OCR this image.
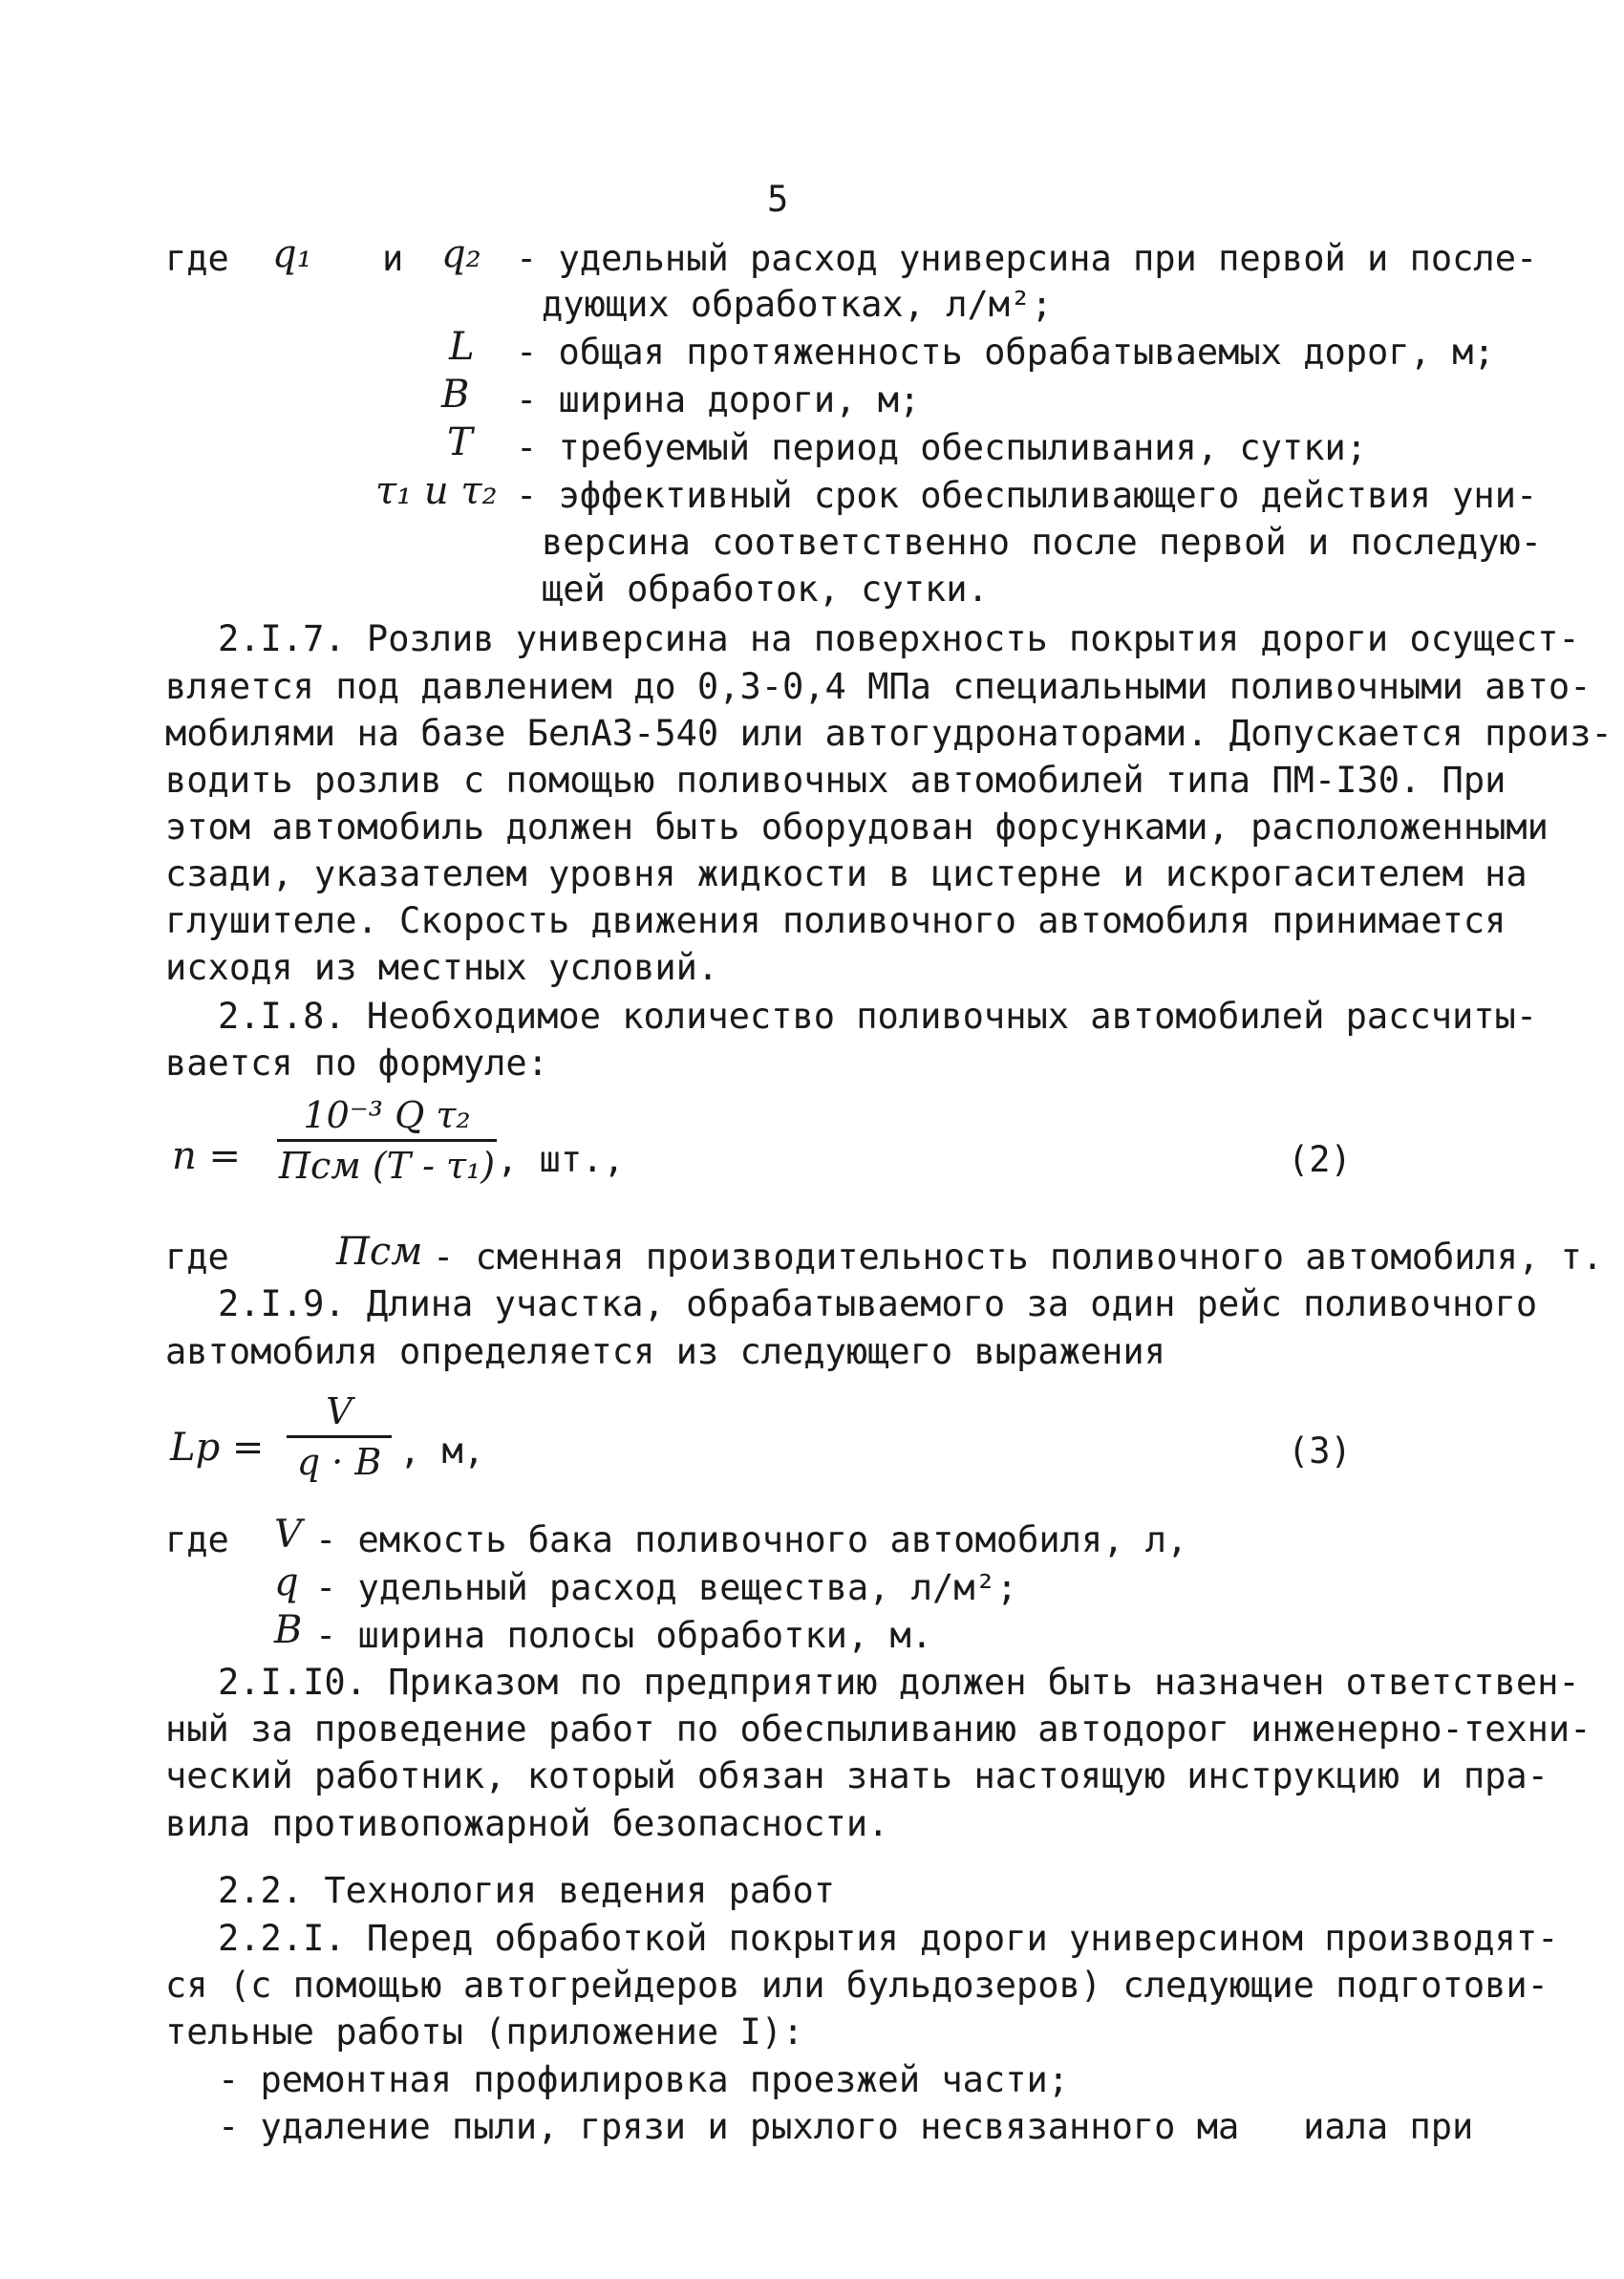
5
где q₁ и q₂ - удельный расход универсина при первой и после-
дующих обработках, л/м²;
L - общая протяженность обрабатываемых дорог, м;
B - ширина дороги, м;
T - требуемый период обеспыливания, сутки;
τ₁ и τ₂ - эффективный срок обеспыливающего действия уни-
версина соответственно после первой и последую-
щей обработок, сутки.
2.I.7. Розлив универсина на поверхность покрытия дороги осущест-
вляется под давлением до 0,3-0,4 МПа специальными поливочными авто-
мобилями на базе БелАЗ-540 или автогудронаторами. Допускается произ-
водить розлив с помощью поливочных автомобилей типа ПМ-I30. При
этом автомобиль должен быть оборудован форсунками, расположенными
сзади, указателем уровня жидкости в цистерне и искрогасителем на
глушителе. Скорость движения поливочного автомобиля принимается
исходя из местных условий.
2.I.8. Необходимое количество поливочных автомобилей рассчиты-
вается по формуле:
n =
10⁻³ Q τ₂
Пcм (T - τ₁) , шт.,	(2)
где	Пcм - сменная производительность поливочного автомобиля, т.
2.I.9. Длина участка, обрабатываемого за один рейс поливочного
автомобиля определяется из следующего выражения
Lр =
V
q · B , м,	(3)
где V - емкость бака поливочного автомобиля, л,
q - удельный расход вещества, л/м²;
B - ширина полосы обработки, м.
2.I.I0. Приказом по предприятию должен быть назначен ответствен-
ный за проведение работ по обеспыливанию автодорог инженерно-техни-
ческий работник, который обязан знать настоящую инструкцию и пра-
вила противопожарной безопасности.
2.2. Технология ведения работ
2.2.I. Перед обработкой покрытия дороги универсином производят-
ся (с помощью автогрейдеров или бульдозеров) следующие подготови-
тельные работы (приложение I):
- ремонтная профилировка проезжей части;
- удаление пыли, грязи и рыхлого несвязанного ма   иала при
